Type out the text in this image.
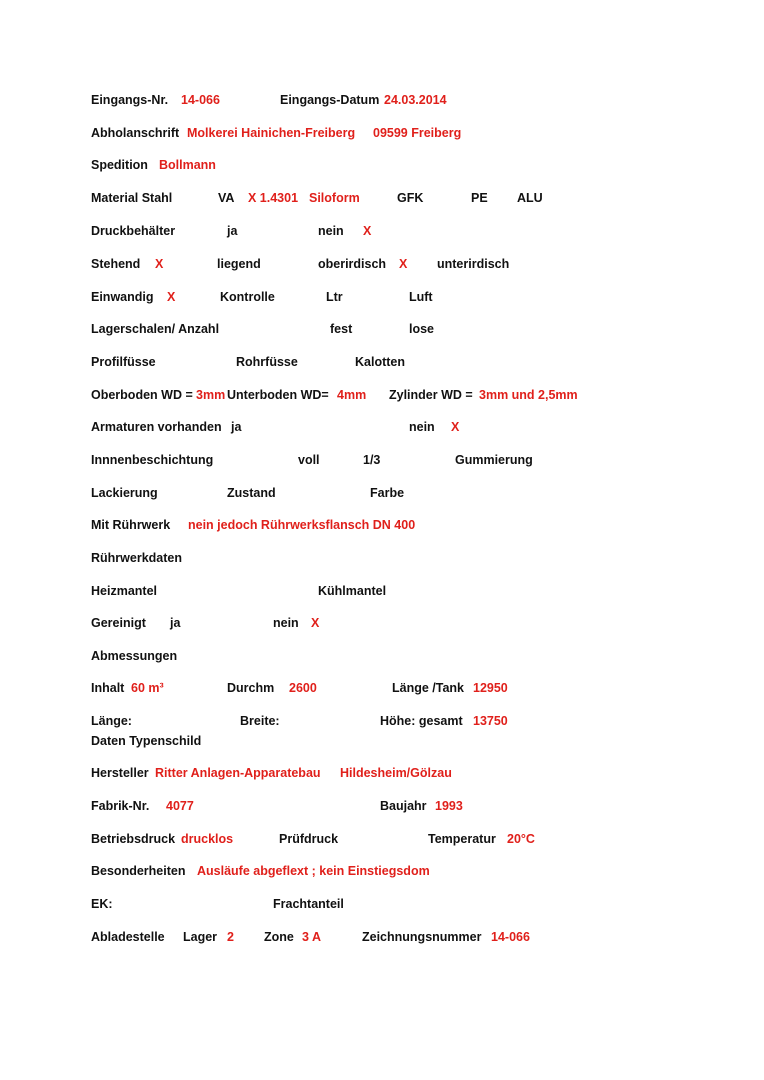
Eingangs-Nr. 14-066	Eingangs-Datum 24.03.2014
Abholanschrift Molkerei Hainichen-Freiberg 09599 Freiberg
Spedition Bollmann
Material Stahl	VA X 1.4301 Siloform	GFK	PE ALU
Druckbehälter	ja	nein X
Stehend X	liegend	oberirdisch X unterirdisch
Einwandig X	Kontrolle	Ltr	Luft
Lagerschalen/ Anzahl	fest	lose
Profilfüsse	Rohrfüsse	Kalotten
Oberboden WD = 3mm Unterboden WD= 4mm Zylinder WD = 3mm und 2,5mm
Armaturen vorhanden ja	nein X
Innnenbeschichtung	voll	1/3	Gummierung
Lackierung	Zustand	Farbe
Mit Rührwerk nein jedoch Rührwerksflansch DN 400
Rührwerkdaten
Heizmantel	Kühlmantel
Gereinigt ja	nein X
Abmessungen
Inhalt 60 m³	Durchm 2600	Länge /Tank 12950
Länge:	Breite:	Höhe: gesamt 13750
Daten Typenschild
Hersteller Ritter Anlagen-Apparatebau Hildesheim/Gölzau
Fabrik-Nr. 4077	Baujahr 1993
Betriebsdruck drucklos	Prüfdruck	Temperatur 20°C
Besonderheiten Ausläufe abgeflext ; kein Einstiegsdom
EK:	Frachtanteil
Abladestelle Lager 2 Zone 3 A	Zeichnungsnummer 14-066
